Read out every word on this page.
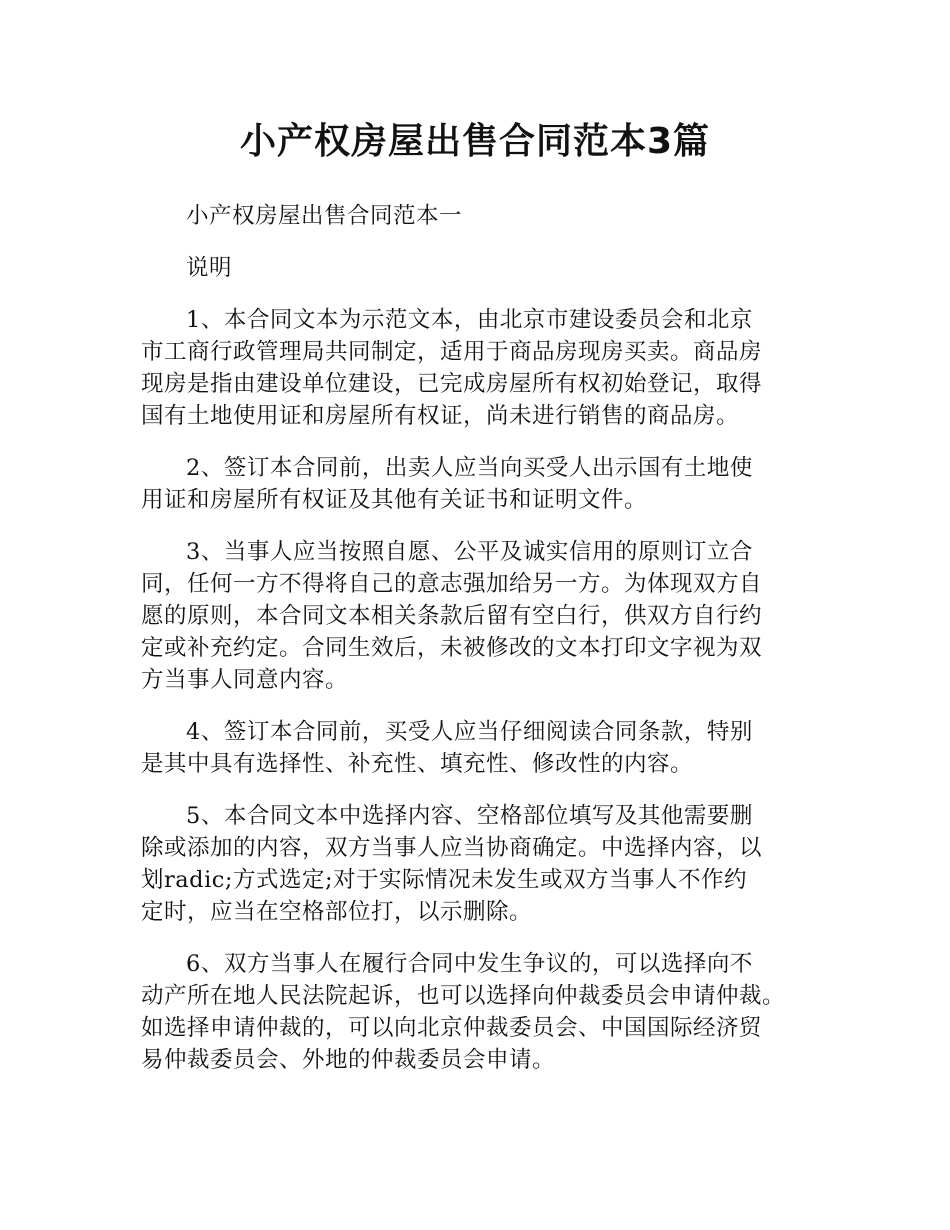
小产权房屋出售合同范本3篇

小产权房屋出售合同范本一

说明

1、本合同文本为示范文本，由北京市建设委员会和北京
市工商行政管理局共同制定，适用于商品房现房买卖。商品房
现房是指由建设单位建设，已完成房屋所有权初始登记，取得
国有土地使用证和房屋所有权证，尚未进行销售的商品房。
2、签订本合同前，出卖人应当向买受人出示国有土地使
用证和房屋所有权证及其他有关证书和证明文件。
3、当事人应当按照自愿、公平及诚实信用的原则订立合
同，任何一方不得将自己的意志强加给另一方。为体现双方自
愿的原则，本合同文本相关条款后留有空白行，供双方自行约
定或补充约定。合同生效后，未被修改的文本打印文字视为双
方当事人同意内容。
4、签订本合同前，买受人应当仔细阅读合同条款，特别
是其中具有选择性、补充性、填充性、修改性的内容。
5、本合同文本中选择内容、空格部位填写及其他需要删
除或添加的内容，双方当事人应当协商确定。中选择内容，以
划radic;方式选定;对于实际情况未发生或双方当事人不作约
定时，应当在空格部位打，以示删除。
6、双方当事人在履行合同中发生争议的，可以选择向不
动产所在地人民法院起诉，也可以选择向仲裁委员会申请仲裁。
如选择申请仲裁的，可以向北京仲裁委员会、中国国际经济贸
易仲裁委员会、外地的仲裁委员会申请。
